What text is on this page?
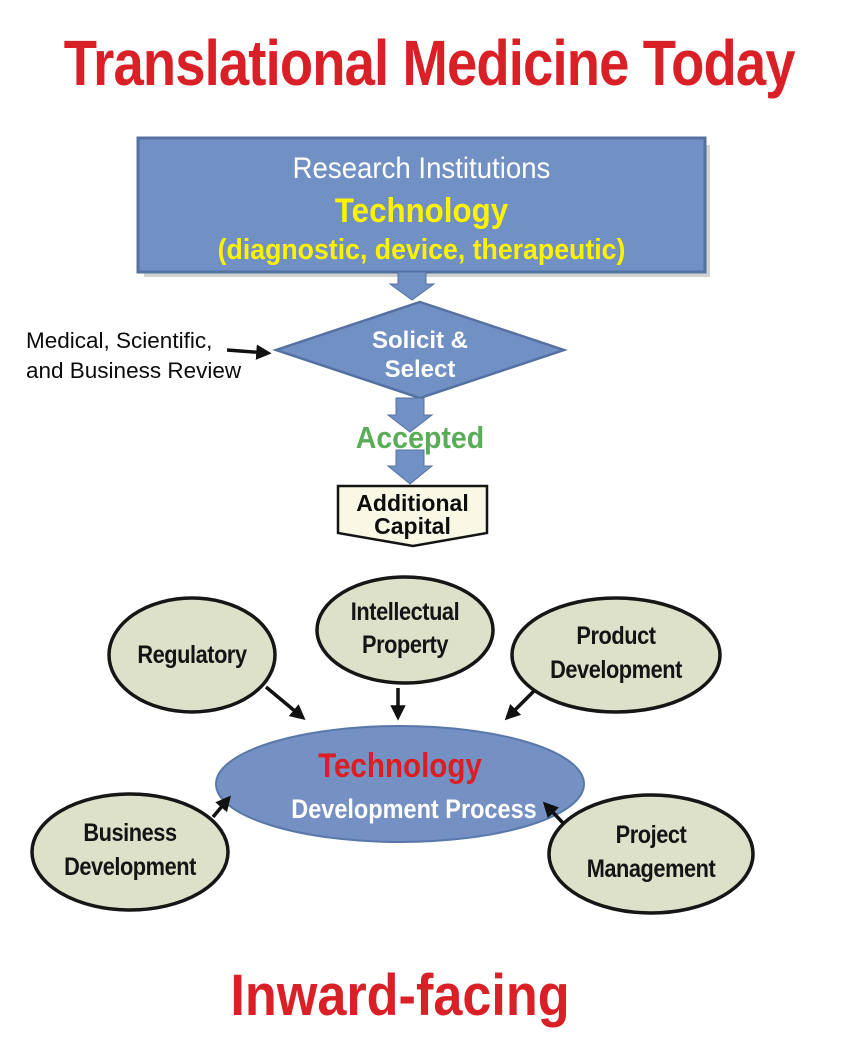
Translational Medicine Today
Inward-facing
Research Institutions
Technology
(diagnostic, device, therapeutic)
Medical, Scientific,
and Business Review
Solicit &
Select
Accepted
Additional
Capital
Regulatory
Intellectual
Property	Product
Development
Business
Development
Project
Management
Technology
Development Process
